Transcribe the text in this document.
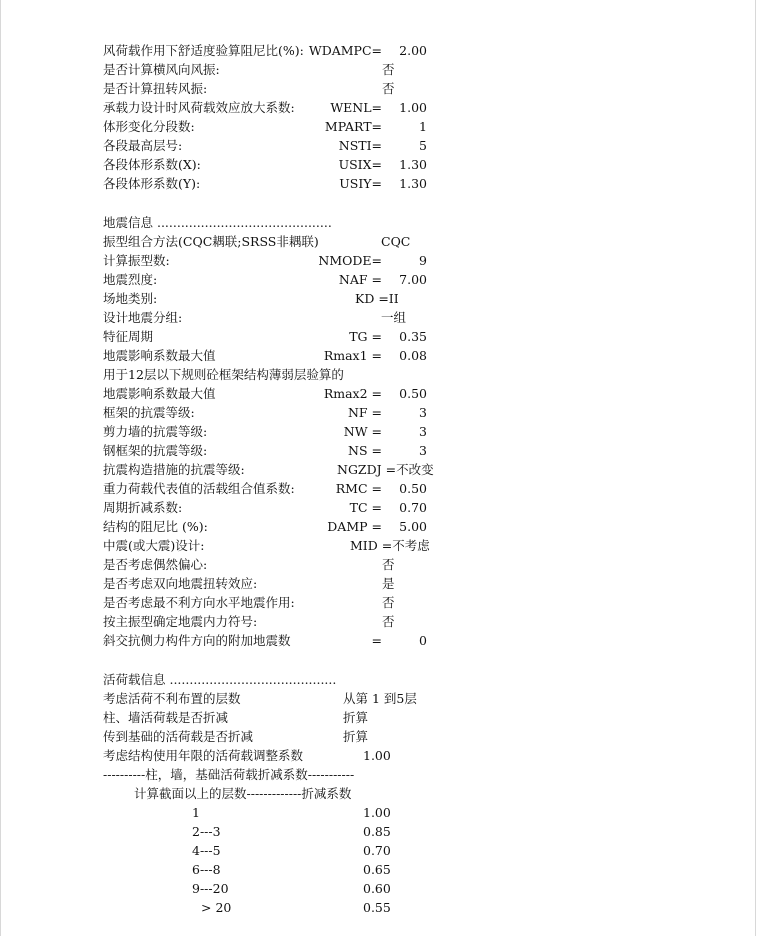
风荷载作用下舒适度验算阻尼比(%): WDAMPC=	2.00
是否计算横风向风振:	否
是否计算扭转风振:	否
承载力设计时风荷载效应放大系数:	WENL=	1.00
体形变化分段数:	MPART=	1
各段最高层号:	NSTI=	5
各段体形系数(X):	USIX=	1.30
各段体形系数(Y):	USIY=	1.30
地震信息 ............................................
振型组合方法(CQC耦联;SRSS非耦联)	CQC
计算振型数:	NMODE=	9
地震烈度:	NAF =	7.00
场地类别:	KD =II
设计地震分组:	一组
特征周期	TG =	0.35
地震影响系数最大值	Rmax1 =	0.08
用于12层以下规则砼框架结构薄弱层验算的
地震影响系数最大值	Rmax2 =	0.50
框架的抗震等级:	NF =	3
剪力墙的抗震等级:	NW =	3
钢框架的抗震等级:	NS =	3
抗震构造措施的抗震等级:	NGZDJ =不改变
重力荷载代表值的活载组合值系数:	RMC =	0.50
周期折减系数:	TC =	0.70
结构的阻尼比 (%):	DAMP =	5.00
中震(或大震)设计:	MID =不考虑
是否考虑偶然偏心:	否
是否考虑双向地震扭转效应:	是
是否考虑最不利方向水平地震作用:	否
按主振型确定地震内力符号:	否
斜交抗侧力构件方向的附加地震数	=	0
活荷载信息 ..........................................
考虑活荷不利布置的层数	从第 1 到5层
柱、墙活荷载是否折减	折算
传到基础的活荷载是否折减	折算
考虑结构使用年限的活荷载调整系数	1.00
----------柱，墙，基础活荷载折减系数-----------
计算截面以上的层数-------------折减系数
1	1.00
2---3	0.85
4---5	0.70
6---8	0.65
9---20	0.60
> 20	0.55
